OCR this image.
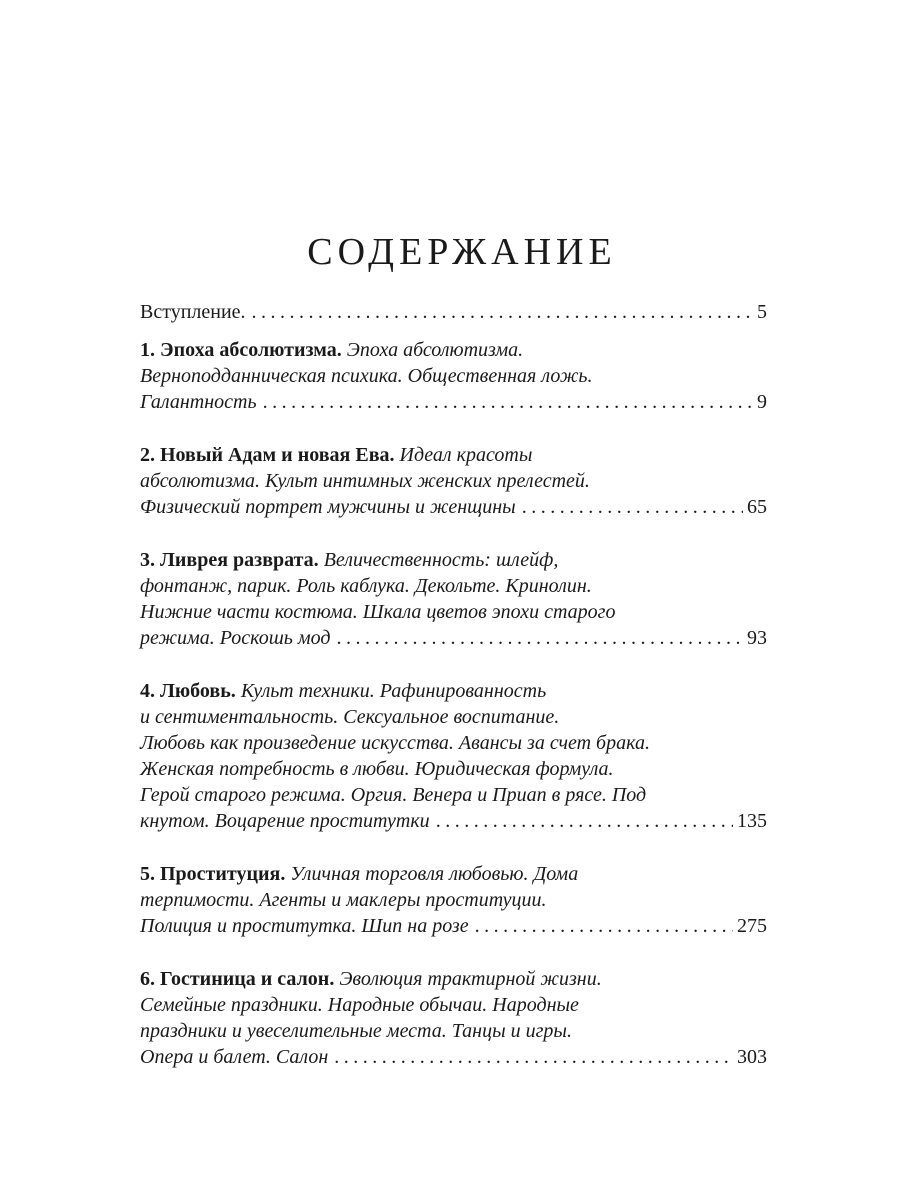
СОДЕРЖАНИЕ
Вступление. . . .	5
1. Эпоха абсолютизма. Эпоха абсолютизма.
Верноподданническая психика. Общественная ложь.
Галантность . . .	9
2. Новый Адам и новая Ева. Идеал красоты
абсолютизма. Культ интимных женских прелестей.
Физический портрет мужчины и женщины . . .	65
3. Ливрея разврата. Величественность: шлейф,
фонтанж, парик. Роль каблука. Декольте. Кринолин.
Нижние части костюма. Шкала цветов эпохи старого
режима. Роскошь мод . . .	93
4. Любовь. Культ техники. Рафинированность
и сентиментальность. Сексуальное воспитание.
Любовь как произведение искусства. Авансы за счет брака.
Женская потребность в любви. Юридическая формула.
Герой старого режима. Оргия. Венера и Приап в рясе. Под
кнутом. Воцарение проститутки . . .	135
5. Проституция. Уличная торговля любовью. Дома
терпимости. Агенты и маклеры проституции.
Полиция и проститутка. Шип на розе . . .	275
6. Гостиница и салон. Эволюция трактирной жизни.
Семейные праздники. Народные обычаи. Народные
праздники и увеселительные места. Танцы и игры.
Опера и балет. Салон . . .	303
